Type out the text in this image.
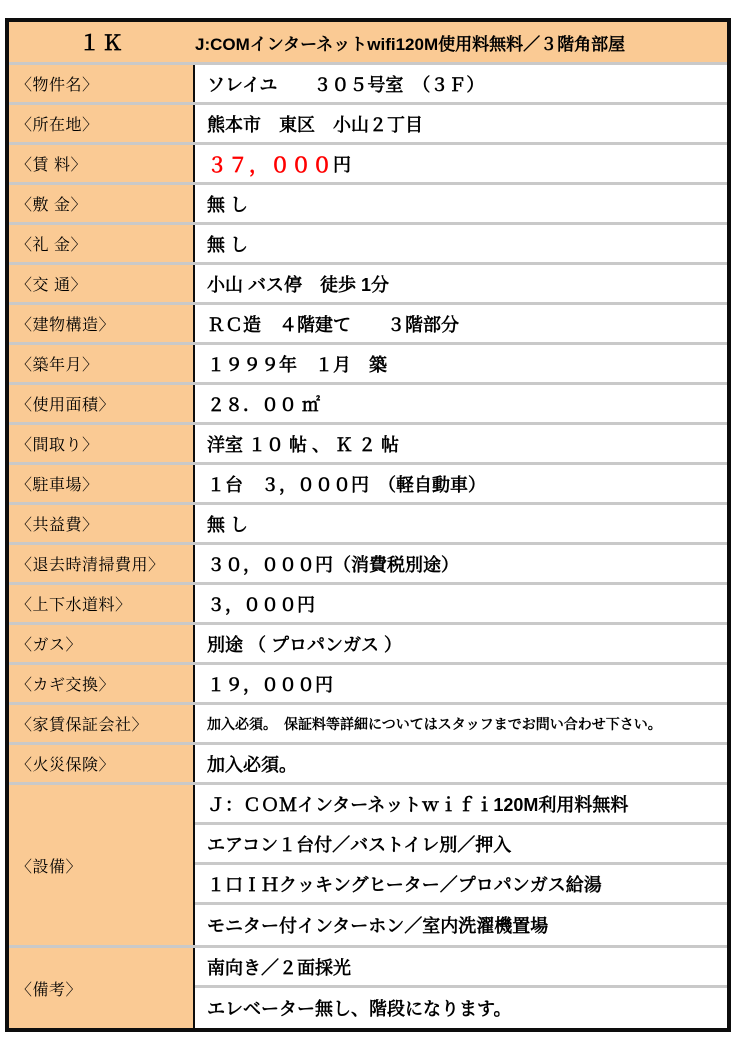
１Ｋ	J:COMインターネットwifi120M使用料無料／３階角部屋
〈物件名〉	ソレイユ　　３０５号室　（３Ｆ）
〈所在地〉	熊本市　東区　小山２丁目
〈賃 料〉	３７，０００ 円
〈敷 金〉	無 し
〈礼 金〉	無 し
〈交 通〉	小山 バス停　徒歩 1分
〈建物構造〉	ＲＣ造　４階建て　　３階部分
〈築年月〉	１９９９年　１月　築
〈使用面積〉	２８．００ ㎡
〈間取り〉	洋室 １０ 帖 、 Ｋ ２ 帖
〈駐車場〉	１台　３，０００円　（軽自動車）
〈共益費〉	無 し
〈退去時清掃費用〉	３０，０００円（消費税別途）
〈上下水道料〉	３，０００円
〈ガス〉	別途 （ プロパンガス ）
〈カギ交換〉	１９，０００円
〈家賃保証会社〉	加入必須。　保証料等詳細についてはスタッフまでお問い合わせ下さい。
〈火災保険〉	加入必須。
〈設備〉
Ｊ：ＣＯＭインターネットｗｉｆｉ120M利用料無料
エアコン１台付／バストイレ別／押入
１口ＩＨクッキングヒーター／プロパンガス給湯
モニター付インターホン／室内洗濯機置場
〈備考〉
南向き／２面採光
エレベーター無し、階段になります。
